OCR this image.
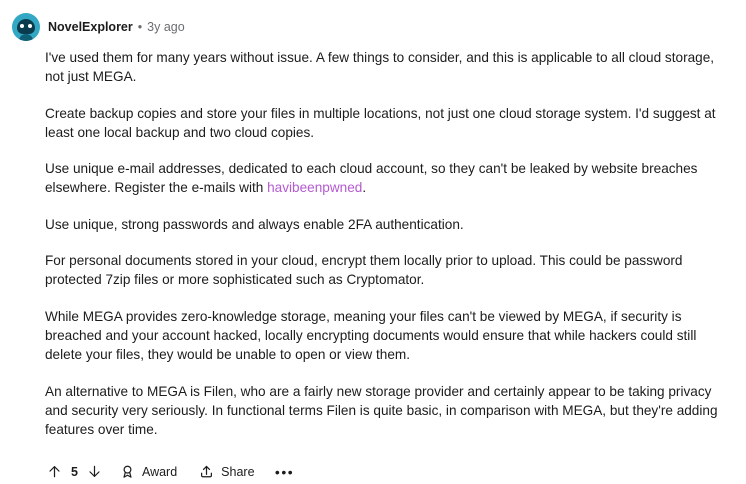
NovelExplorer • 3y ago

I've used them for many years without issue. A few things to consider, and this is applicable to all cloud storage, not just MEGA.

Create backup copies and store your files in multiple locations, not just one cloud storage system. I'd suggest at least one local backup and two cloud copies.

Use unique e-mail addresses, dedicated to each cloud account, so they can't be leaked by website breaches elsewhere. Register the e-mails with havibeenpwned.

Use unique, strong passwords and always enable 2FA authentication.

For personal documents stored in your cloud, encrypt them locally prior to upload. This could be password protected 7zip files or more sophisticated such as Cryptomator.

While MEGA provides zero-knowledge storage, meaning your files can't be viewed by MEGA, if security is breached and your account hacked, locally encrypting documents would ensure that while hackers could still delete your files, they would be unable to open or view them.

An alternative to MEGA is Filen, who are a fairly new storage provider and certainly appear to be taking privacy and security very seriously. In functional terms Filen is quite basic, in comparison with MEGA, but they're adding features over time.

5	Award	Share	•••
